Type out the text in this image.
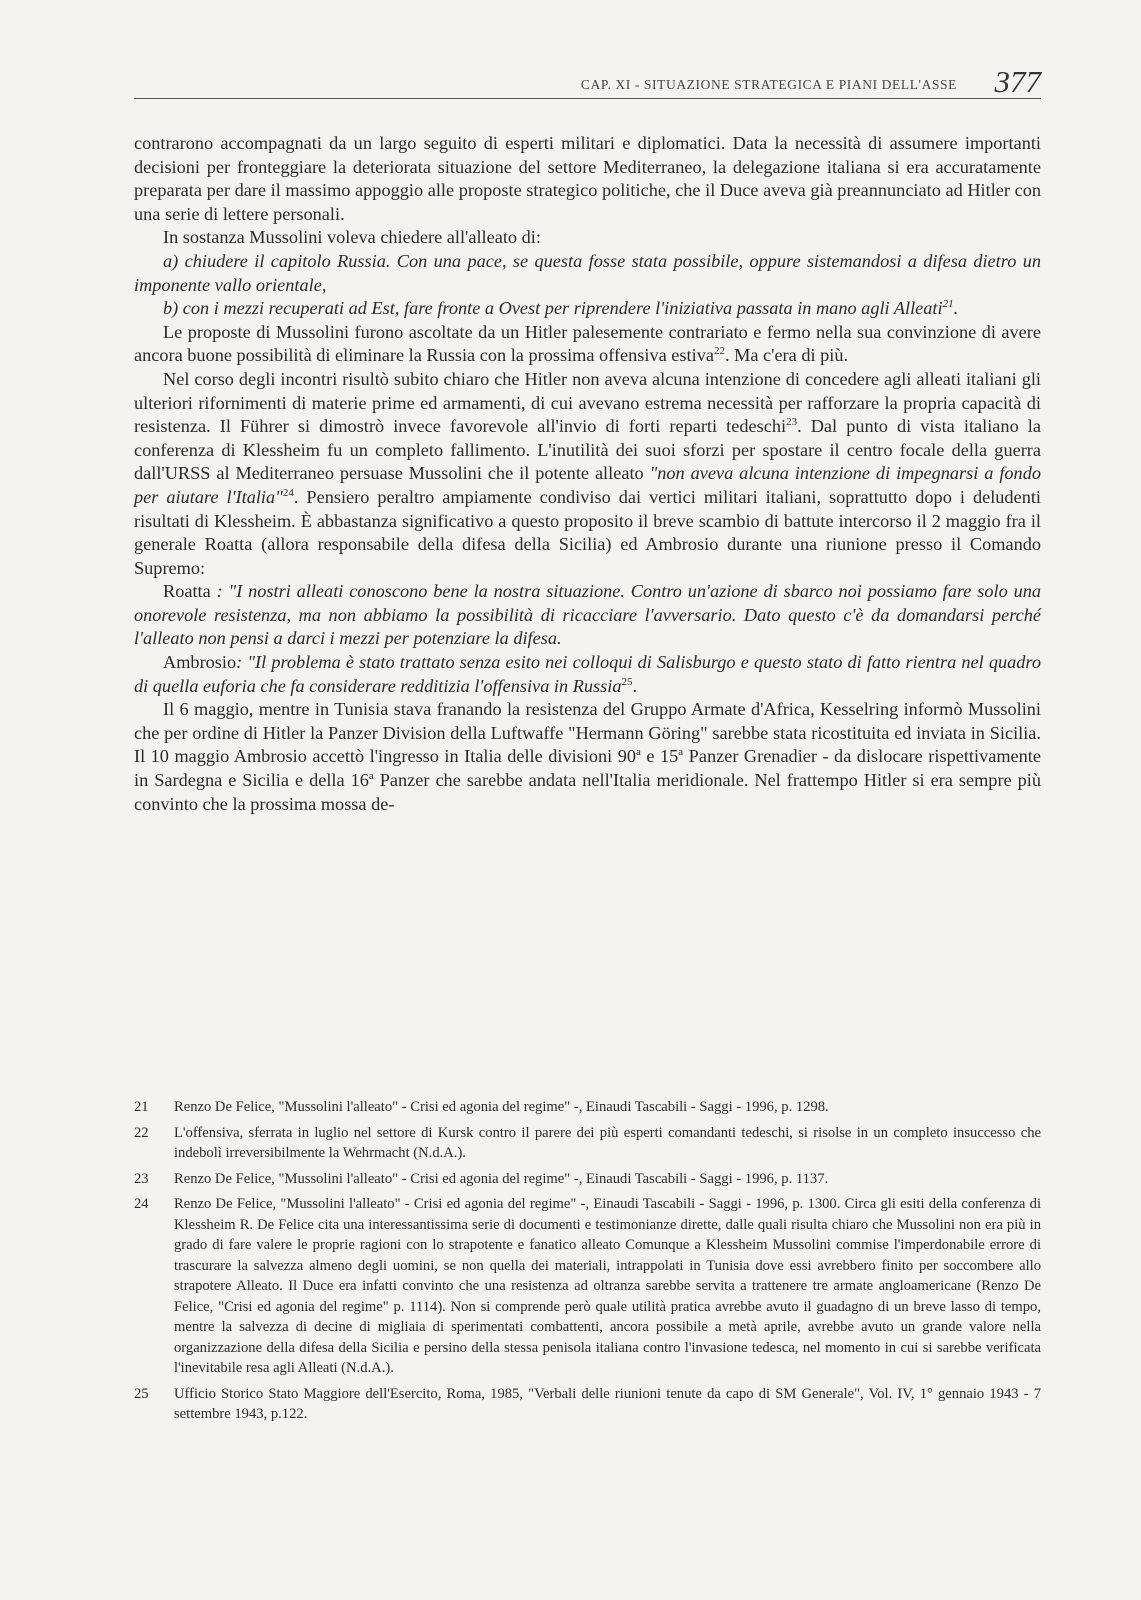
CAP. XI - SITUAZIONE STRATEGICA E PIANI DELL'ASSE 377

contrarono accompagnati da un largo seguito di esperti militari e diplomatici. Data la necessità di assumere importanti decisioni per fronteggiare la deteriorata situazione del settore Mediterraneo, la delegazione italiana si era accuratamente preparata per dare il massimo appoggio alle proposte strategico politiche, che il Duce aveva già preannunciato ad Hitler con una serie di lettere personali.

In sostanza Mussolini voleva chiedere all'alleato di:

a) chiudere il capitolo Russia. Con una pace, se questa fosse stata possibile, oppure sistemandosi a difesa dietro un imponente vallo orientale,

b) con i mezzi recuperati ad Est, fare fronte a Ovest per riprendere l'iniziativa passata in mano agli Alleati$^{21}$.

Le proposte di Mussolini furono ascoltate da un Hitler palesemente contrariato e fermo nella sua convinzione di avere ancora buone possibilità di eliminare la Russia con la prossima offensiva estiva$^{22}$. Ma c'era di più.

Nel corso degli incontri risultò subito chiaro che Hitler non aveva alcuna intenzione di concedere agli alleati italiani gli ulteriori rifornimenti di materie prime ed armamenti, di cui avevano estrema necessità per rafforzare la propria capacità di resistenza. Il Führer si dimostrò invece favorevole all'invio di forti reparti tedeschi$^{23}$. Dal punto di vista italiano la conferenza di Klessheim fu un completo fallimento. L'inutilità dei suoi sforzi per spostare il centro focale della guerra dall'URSS al Mediterraneo persuase Mussolini che il potente alleato "non aveva alcuna intenzione di impegnarsi a fondo per aiutare l'Italia"$^{24}$. Pensiero peraltro ampiamente condiviso dai vertici militari italiani, soprattutto dopo i deludenti risultati di Klessheim. È abbastanza significativo a questo proposito il breve scambio di battute intercorso il 2 maggio fra il generale Roatta (allora responsabile della difesa della Sicilia) ed Ambrosio durante una riunione presso il Comando Supremo:

Roatta : "I nostri alleati conoscono bene la nostra situazione. Contro un'azione di sbarco noi possiamo fare solo una onorevole resistenza, ma non abbiamo la possibilità di ricacciare l'avversario. Dato questo c'è da domandarsi perché l'alleato non pensi a darci i mezzi per potenziare la difesa.

Ambrosio: "Il problema è stato trattato senza esito nei colloqui di Salisburgo e questo stato di fatto rientra nel quadro di quella euforia che fa considerare redditizia l'offensiva in Russia$^{25}$.

Il 6 maggio, mentre in Tunisia stava franando la resistenza del Gruppo Armate d'Africa, Kesselring informò Mussolini che per ordine di Hitler la Panzer Division della Luftwaffe "Hermann Göring" sarebbe stata ricostituita ed inviata in Sicilia. Il 10 maggio Ambrosio accettò l'ingresso in Italia delle divisioni 90$^a$ e 15$^a$ Panzer Grenadier - da dislocare rispettivamente in Sardegna e Sicilia e della 16$^a$ Panzer che sarebbe andata nell'Italia meridionale. Nel frattempo Hitler si era sempre più convinto che la prossima mossa de-

21	Renzo De Felice, "Mussolini l'alleato" - Crisi ed agonia del regime" -, Einaudi Tascabili - Saggi - 1996, p. 1298.
22	L'offensiva, sferrata in luglio nel settore di Kursk contro il parere dei più esperti comandanti tedeschi, si risolse in un completo insuccesso che indebolì irreversibilmente la Wehrmacht (N.d.A.).
23	Renzo De Felice, "Mussolini l'alleato" - Crisi ed agonia del regime" -, Einaudi Tascabili - Saggi - 1996, p. 1137.
24	Renzo De Felice, "Mussolini l'alleato" - Crisi ed agonia del regime" -, Einaudi Tascabili - Saggi - 1996, p. 1300. Circa gli esiti della conferenza di Klessheim R. De Felice cita una interessantissima serie di documenti e testimonianze dirette, dalle quali risulta chiaro che Mussolini non era più in grado di fare valere le proprie ragioni con lo strapotente e fanatico alleato Comunque a Klessheim Mussolini commise l'imperdonabile errore di trascurare la salvezza almeno degli uomini, se non quella dei materiali, intrappolati in Tunisia dove essi avrebbero finito per soccombere allo strapotere Alleato. Il Duce era infatti convinto che una resistenza ad oltranza sarebbe servita a trattenere tre armate angloamericane (Renzo De Felice, "Crisi ed agonia del regime" p. 1114). Non si comprende però quale utilità pratica avrebbe avuto il guadagno di un breve lasso di tempo, mentre la salvezza di decine di migliaia di sperimentati combattenti, ancora possibile a metà aprile, avrebbe avuto un grande valore nella organizzazione della difesa della Sicilia e persino della stessa penisola italiana contro l'invasione tedesca, nel momento in cui si sarebbe verificata l'inevitabile resa agli Alleati (N.d.A.).
25	Ufficio Storico Stato Maggiore dell'Esercito, Roma, 1985, "Verbali delle riunioni tenute da capo di SM Generale", Vol. IV, 1° gennaio 1943 - 7 settembre 1943, p.122.
